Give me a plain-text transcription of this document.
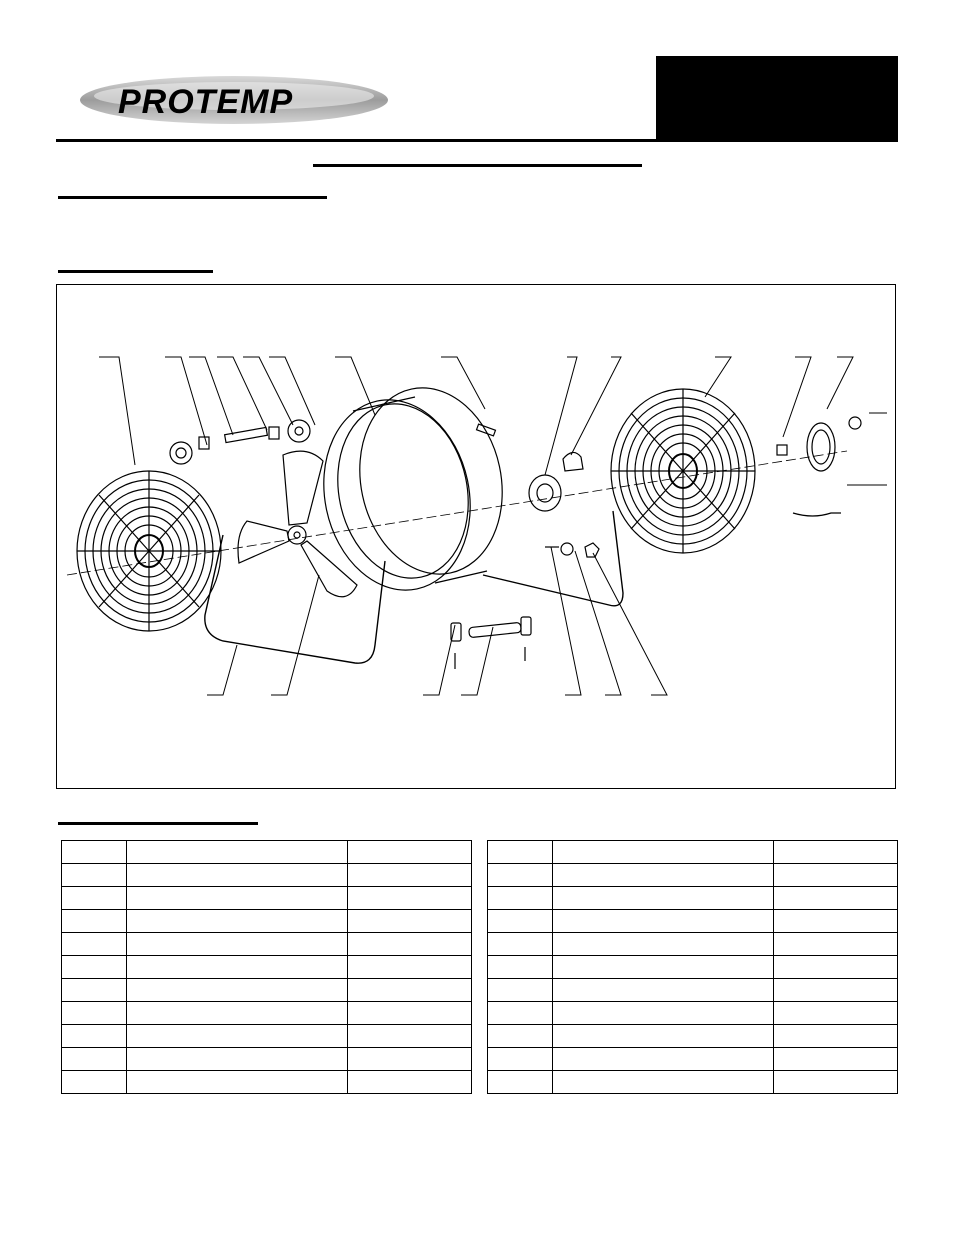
PROTEMP
